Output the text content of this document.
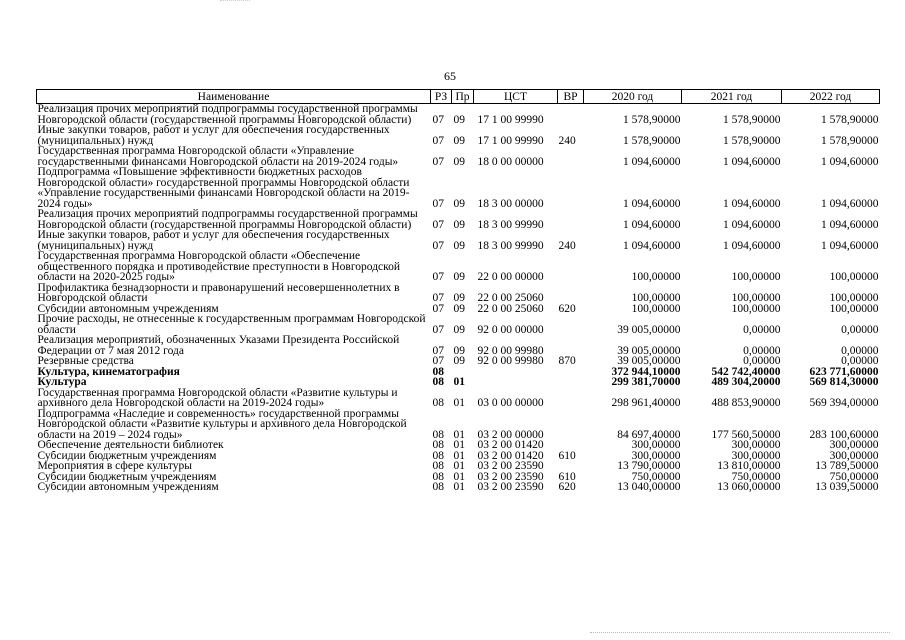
65
Наименование	РЗ	Пр	ЦСТ	ВР	2020 год	2021 год	2022 год
Реализация прочих мероприятий подпрограммы государственной программы Новгородской области (государственной программы Новгородской области)	07	09	17 1 00 99990		1 578,90000	1 578,90000	1 578,90000
Иные закупки товаров, работ и услуг для обеспечения государственных (муниципальных) нужд	07	09	17 1 00 99990	240	1 578,90000	1 578,90000	1 578,90000
Государственная программа Новгородской области «Управление государственными финансами Новгородской области на 2019-2024 годы»	07	09	18 0 00 00000		1 094,60000	1 094,60000	1 094,60000
Подпрограмма «Повышение эффективности бюджетных расходов Новгородской области» государственной программы Новгородской области «Управление государственными финансами Новгородской области на 2019-2024 годы»	07	09	18 3 00 00000		1 094,60000	1 094,60000	1 094,60000
Реализация прочих мероприятий подпрограммы государственной программы Новгородской области (государственной программы Новгородской области)	07	09	18 3 00 99990		1 094,60000	1 094,60000	1 094,60000
Иные закупки товаров, работ и услуг для обеспечения государственных (муниципальных) нужд	07	09	18 3 00 99990	240	1 094,60000	1 094,60000	1 094,60000
Государственная программа Новгородской области «Обеспечение общественного порядка и противодействие преступности в Новгородской области на 2020-2025 годы»	07	09	22 0 00 00000		100,00000	100,00000	100,00000
Профилактика безнадзорности и правонарушений несовершеннолетних в Новгородской области	07	09	22 0 00 25060		100,00000	100,00000	100,00000
Субсидии автономным учреждениям	07	09	22 0 00 25060	620	100,00000	100,00000	100,00000
Прочие расходы, не отнесенные к государственным программам Новгородской области	07	09	92 0 00 00000		39 005,00000	0,00000	0,00000
Реализация мероприятий, обозначенных Указами Президента Российской Федерации от 7 мая 2012 года	07	09	92 0 00 99980		39 005,00000	0,00000	0,00000
Резервные средства	07	09	92 0 00 99980	870	39 005,00000	0,00000	0,00000
Культура, кинематография	08				372 944,10000	542 742,40000	623 771,60000
Культура	08	01			299 381,70000	489 304,20000	569 814,30000
Государственная программа Новгородской области «Развитие культуры и архивного дела Новгородской области на 2019-2024 годы»	08	01	03 0 00 00000		298 961,40000	488 853,90000	569 394,00000
Подпрограмма «Наследие и современность» государственной программы Новгородской области «Развитие культуры и архивного дела Новгородской области на 2019 – 2024 годы»	08	01	03 2 00 00000		84 697,40000	177 560,50000	283 100,60000
Обеспечение деятельности библиотек	08	01	03 2 00 01420		300,00000	300,00000	300,00000
Субсидии бюджетным учреждениям	08	01	03 2 00 01420	610	300,00000	300,00000	300,00000
Мероприятия в сфере культуры	08	01	03 2 00 23590		13 790,00000	13 810,00000	13 789,50000
Субсидии бюджетным учреждениям	08	01	03 2 00 23590	610	750,00000	750,00000	750,00000
Субсидии автономным учреждениям	08	01	03 2 00 23590	620	13 040,00000	13 060,00000	13 039,50000
